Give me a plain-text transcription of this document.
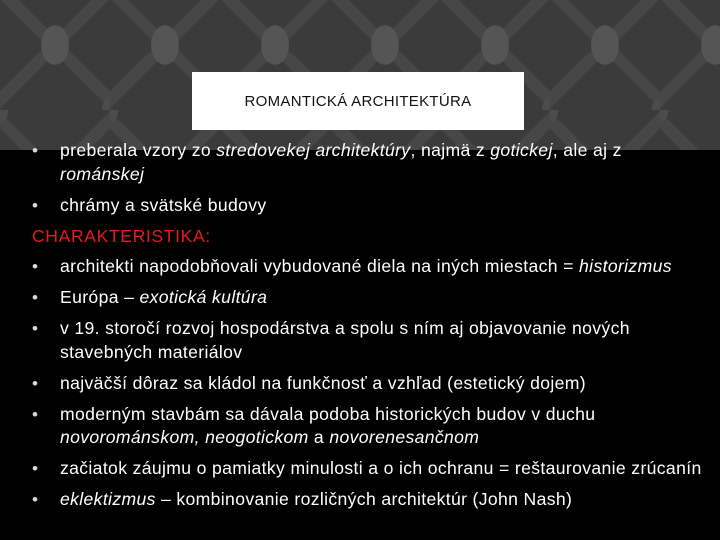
ROMANTICKÁ ARCHITEKTÚRA
• preberala vzory zo stredovekej architektúry, najmä z gotickej, ale aj z románskej
• chrámy a svätské budovy
CHARAKTERISTIKA:
• architekti napodobňovali vybudované diela na iných miestach = historizmus
• Európa – exotická kultúra
• v 19. storočí rozvoj hospodárstva a spolu s ním aj objavovanie nových stavebných materiálov
• najväčší dôraz sa kládol na funkčnosť a vzhľad (estetický dojem)
• moderným stavbám sa dávala podoba historických budov v duchu novorománskom, neogotickom a novorenesančnom
• začiatok záujmu o pamiatky minulosti a o ich ochranu = reštaurovanie zrúcanín
• eklektizmus – kombinovanie rozličných architektúr (John Nash)
